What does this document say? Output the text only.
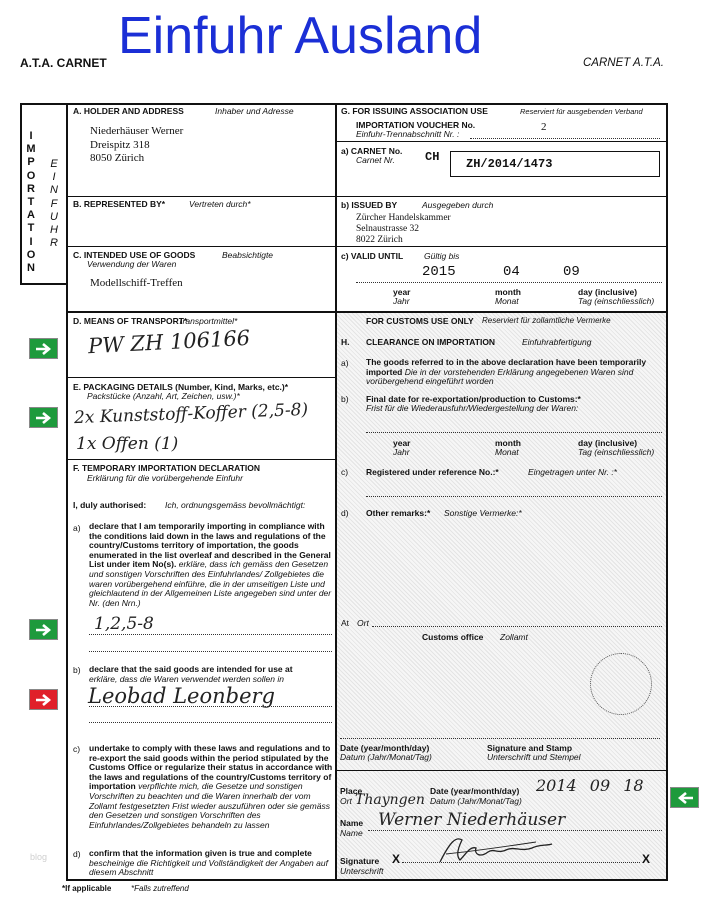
Einfuhr Ausland
A.T.A. CARNET	CARNET A.T.A.
I
M
P
O
R
T
A
T
I
O
N
E
I
N
F
U
H
R
A. HOLDER AND ADDRESS	Inhaber und Adresse
Niederhäuser Werner
Dreispitz 318
8050 Zürich
G. FOR ISSUING ASSOCIATION USE	Reserviert für ausgebenden Verband
IMPORTATION VOUCHER No.
Einfuhr-Trennabschnitt Nr. :
2
a) CARNET No.
Carnet Nr.	CH ZH/2014/1473
b) ISSUED BY	Ausgegeben durch
Zürcher Handelskammer
Selnaustrasse 32
8022 Zürich
c) VALID UNTIL Gültig bis
2015	04	09
year
Jahr
month
Monat
day (inclusive)
Tag (einschliesslich)
B. REPRESENTED BY*	Vertreten durch*
C. INTENDED USE OF GOODS	Beabsichtigte
Verwendung der Waren
Modellschiff-Treffen
D. MEANS OF TRANSPORT*
Transportmittel*
PW ZH 106166
E. PACKAGING DETAILS (Number, Kind, Marks, etc.)*
Packstücke (Anzahl, Art, Zeichen, usw.)*
2x Kunststoff-Koffer (2,5-8)
1x Offen (1)
F. TEMPORARY IMPORTATION DECLARATION
Erklärung für die vorübergehende Einfuhr
I, duly authorised: Ich, ordnungsgemäss bevollmächtigt:
a) declare that I am temporarily importing in compliance with the conditions laid down in the laws and regulations of the country/Customs territory of importation, the goods enumerated in the list overleaf and described in the General List under item No(s). erkläre, dass ich gemäss den Gesetzen und sonstigen Vorschriften des Einfuhrlandes/ Zollgebietes die waren vorübergehend einführe, die in der umseitigen Liste und gleichlautend in der Allgemeinen Liste angegeben sind unter der Nr. (den Nrn.)
1,2,5-8
b) declare that the said goods are intended for use at
erkläre, dass die Waren verwendet werden sollen in
Leobad Leonberg
c) undertake to comply with these laws and regulations and to re-export the said goods within the period stipulated by the Customs Office or regularize their status in accordance with the laws and regulations of the country/Customs territory of importation verpflichte mich, die Gesetze und sonstigen Vorschriften zu beachten und die Waren innerhalb der vom Zollamt festgesetzten Frist wieder auszuführen oder sie gemäss den Gesetzen und sonstigen Vorschriften des Einfuhrlandes/Zollgebietes behandeln zu lassen
d) confirm that the information given is true and complete bescheinige die Richtigkeit und Vollständigkeit der Angaben auf diesem Abschnitt
FOR CUSTOMS USE ONLY Reserviert für zollamtliche Vermerke
H. CLEARANCE ON IMPORTATION	Einfuhrabfertigung
a) The goods referred to in the above declaration have been temporarily imported Die in der vorstehenden Erklärung angegebenen Waren sind vorübergehend eingeführt worden
b) Final date for re-exportation/production to Customs:*
Frist für die Wiederausfuhr/Wiedergestellung der Waren:
year
Jahr
month
Monat
day (inclusive)
Tag (einschliesslich)
c) Registered under reference No.:*	Eingetragen unter Nr. :*
d) Other remarks:* Sonstige Vermerke:*
At Ort
Customs office Zollamt
Date (year/month/day)
Datum (Jahr/Monat/Tag)
Signature and Stamp
Unterschrift und Stempel
Place
Ort Thayngen
Date (year/month/day)
Datum (Jahr/Monat/Tag)
2014 09 18
Name
Name
Werner Niederhäuser
Signature
Unterschrift
X	X
*If applicable *Falls zutreffend
blog
